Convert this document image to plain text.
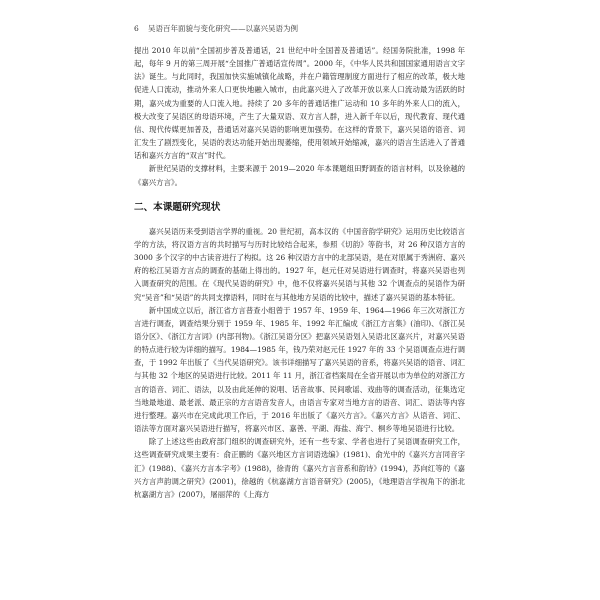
6 吴语百年面貌与变化研究——以嘉兴吴语为例

提出 2010 年以前“全国初步普及普通话，21 世纪中叶全国普及普通话”。经国务院批准，1998 年起，每年 9 月的第三周开展“全国推广普通话宣传周”。2000 年，《中华人民共和国国家通用语言文字法》诞生。与此同时，我国加快实施城镇化战略，并在户籍管理制度方面进行了相应的改革，极大地促进人口流动，推动外来人口更快地融入城市，由此嘉兴进入了改革开放以来人口流动最为活跃的时期，嘉兴成为重要的人口流入地。持续了 20 多年的普通话推广运动和 10 多年的外来人口的流入，极大改变了吴语区的母语环境，产生了大量双语、双方言人群，进入新千年以后，现代教育、现代通信、现代传媒更加普及，普通话对嘉兴吴语的影响更加强势。在这样的背景下，嘉兴吴语的语音、词汇发生了剧烈变化，吴语的表达功能开始出现萎缩，使用领域开始缩减，嘉兴的语言生活进入了普通话和嘉兴方言的“双言”时代。

新世纪吴语的支撑材料，主要来源于 2019—2020 年本课题组田野调查的语言材料，以及徐越的《嘉兴方言》。

二、本课题研究现状

嘉兴吴语历来受到语言学界的重视。20 世纪初，高本汉的《中国音韵学研究》运用历史比较语言学的方法，将汉语方言的共时描写与历时比较结合起来，参照《切韵》等韵书，对 26 种汉语方言的 3000 多个汉字的中古读音进行了构拟。这 26 种汉语方言中的北部吴语，是在对原属于秀洲府、嘉兴府的松江吴语方言点的调查的基础上得出的。1927 年，赵元任对吴语进行调查时，将嘉兴吴语也列入调查研究的范围。在《现代吴语的研究》中，他不仅将嘉兴吴语与其他 32 个调查点的吴语作为研究“吴音”和“吴语”的共同支撑语料，同时在与其他地方吴语的比较中，描述了嘉兴吴语的基本特征。

新中国成立以后，浙江省方言普查小组曾于 1957 年、1959 年、1964—1966 年三次对浙江方言进行调查，调查结果分别于 1959 年、1985 年、1992 年汇编成《浙江方言集》(油印)、《浙江吴语分区》、《浙江方言词》(内部刊物)。《浙江吴语分区》把嘉兴吴语划入吴语北区嘉兴片，对嘉兴吴语的特点进行较为详细的描写。1984—1985 年，钱乃荣对赵元任 1927 年的 33 个吴语调查点进行调查，于 1992 年出版了《当代吴语研究》。该书详细描写了嘉兴吴语的音系，将嘉兴吴语的语音、词汇与其他 32 个地区的吴语进行比较。2011 年 11 月，浙江省档案局在全省开展以市为单位的对浙江方言的语音、词汇、语法，以及由此延伸的说唱、话音故事、民间歌谣、戏曲等的调查活动，征集选定当地最地道、最老派、最正宗的方言语音发音人，由语言专家对当地方言的语音、词汇、语法等内容进行整理。嘉兴市在完成此项工作后，于 2016 年出版了《嘉兴方言》。《嘉兴方言》从语音、词汇、语法等方面对嘉兴吴语进行描写，将嘉兴市区、嘉善、平湖、海盐、海宁、桐乡等地吴语进行比较。

除了上述这些由政府部门组织的调查研究外，还有一些专家、学者也进行了吴语调查研究工作，这些调查研究成果主要有：俞正鹏的《嘉兴地区方言词语选编》(1981)、俞光中的《嘉兴方言同音字汇》(1988)、《嘉兴方言本字考》(1988)，徐青的《嘉兴方言音系和韵诗》(1994)，苏向红等的《嘉兴方言声韵调之研究》(2001)，徐越的《杭嘉湖方言语音研究》(2005)，《地理语言学视角下的浙北杭嘉湖方言》(2007)，屠丽萍的《上海方
